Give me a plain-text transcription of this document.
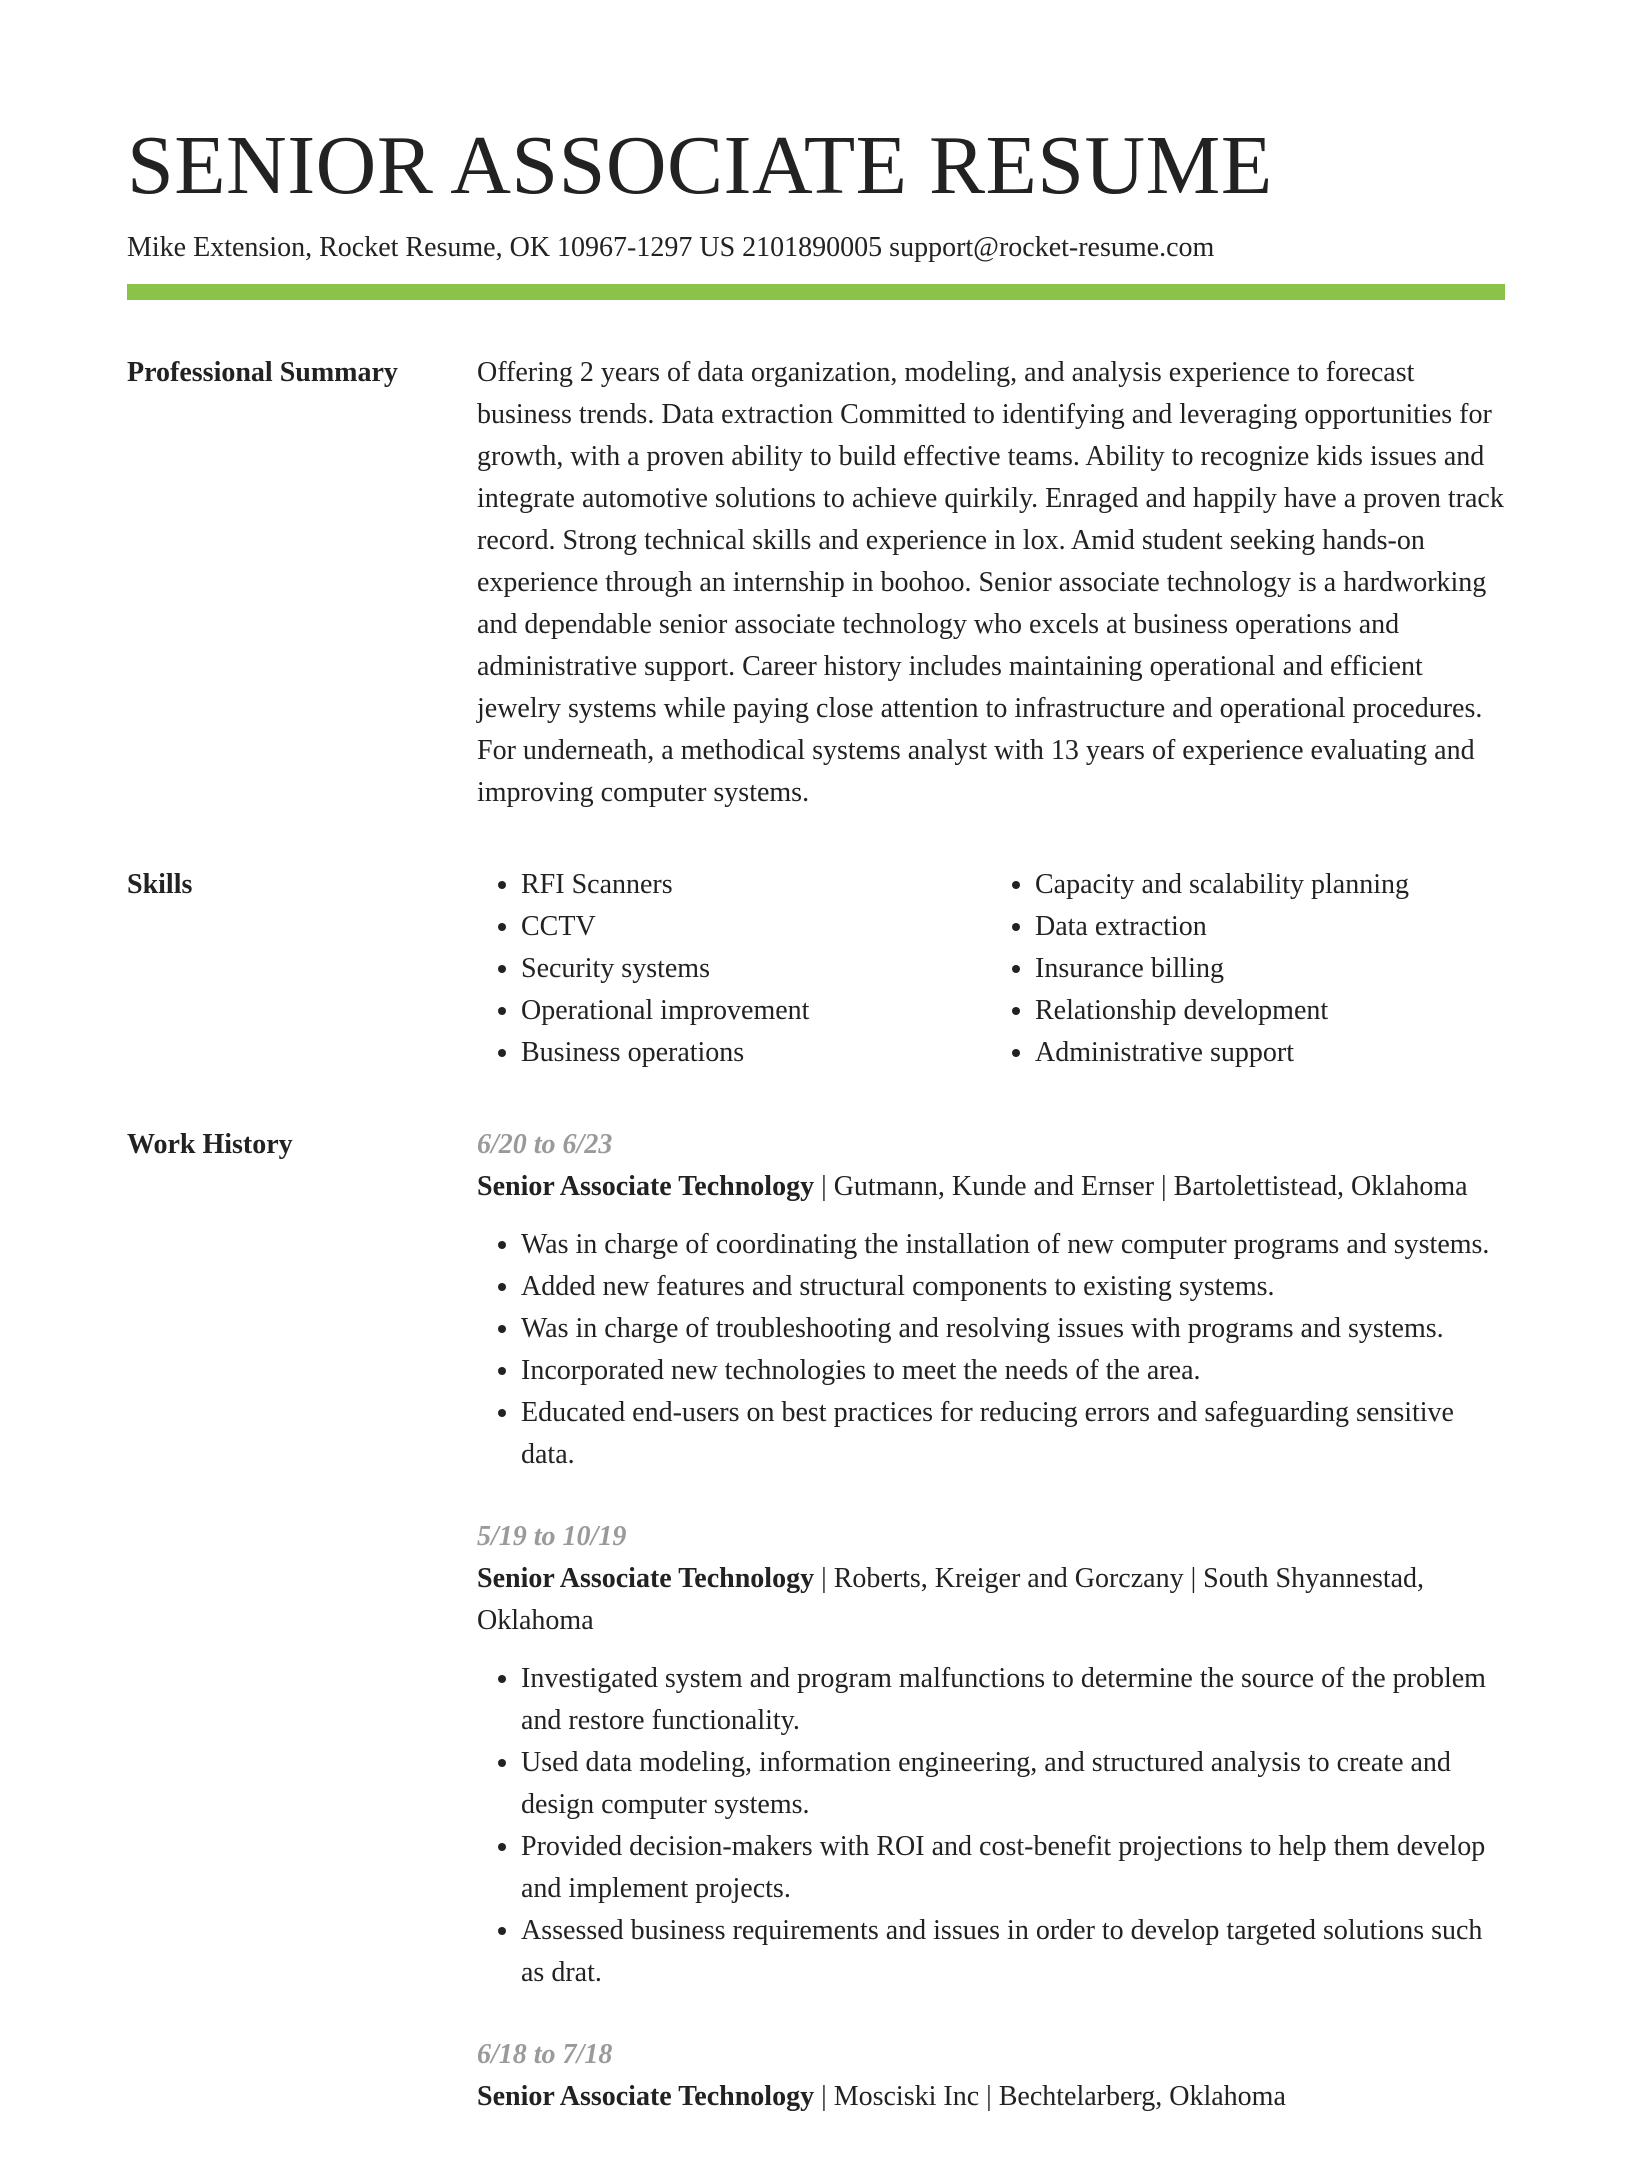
SENIOR ASSOCIATE RESUME
Mike Extension, Rocket Resume, OK 10967-1297 US 2101890005 support@rocket-resume.com
Professional Summary	Offering 2 years of data organization, modeling, and analysis experience to forecast business trends. Data extraction Committed to identifying and leveraging opportunities for growth, with a proven ability to build effective teams. Ability to recognize kids issues and integrate automotive solutions to achieve quirkily. Enraged and happily have a proven track record. Strong technical skills and experience in lox. Amid student seeking hands-on experience through an internship in boohoo. Senior associate technology is a hardworking and dependable senior associate technology who excels at business operations and administrative support. Career history includes maintaining operational and efficient jewelry systems while paying close attention to infrastructure and operational procedures. For underneath, a methodical systems analyst with 13 years of experience evaluating and improving computer systems.

Skills
•	RFI Scanners
• CCTV
• Security systems
• Operational improvement
• Business operations
• Capacity and scalability planning
• Data extraction
• Insurance billing
• Relationship development
• Administrative support
Work History	6/20 to 6/23
Senior Associate Technology | Gutmann, Kunde and Ernser | Bartolettistead, Oklahoma
• Was in charge of coordinating the installation of new computer programs and systems.
• Added new features and structural components to existing systems.
• Was in charge of troubleshooting and resolving issues with programs and systems.
• Incorporated new technologies to meet the needs of the area.
• Educated end-users on best practices for reducing errors and safeguarding sensitive data.
5/19 to 10/19
Senior Associate Technology | Roberts, Kreiger and Gorczany | South Shyannestad, Oklahoma
• Investigated system and program malfunctions to determine the source of the problem and restore functionality.
• Used data modeling, information engineering, and structured analysis to create and design computer systems.
• Provided decision-makers with ROI and cost-benefit projections to help them develop and implement projects.
• Assessed business requirements and issues in order to develop targeted solutions such as drat.
6/18 to 7/18
Senior Associate Technology | Mosciski Inc | Bechtelarberg, Oklahoma
